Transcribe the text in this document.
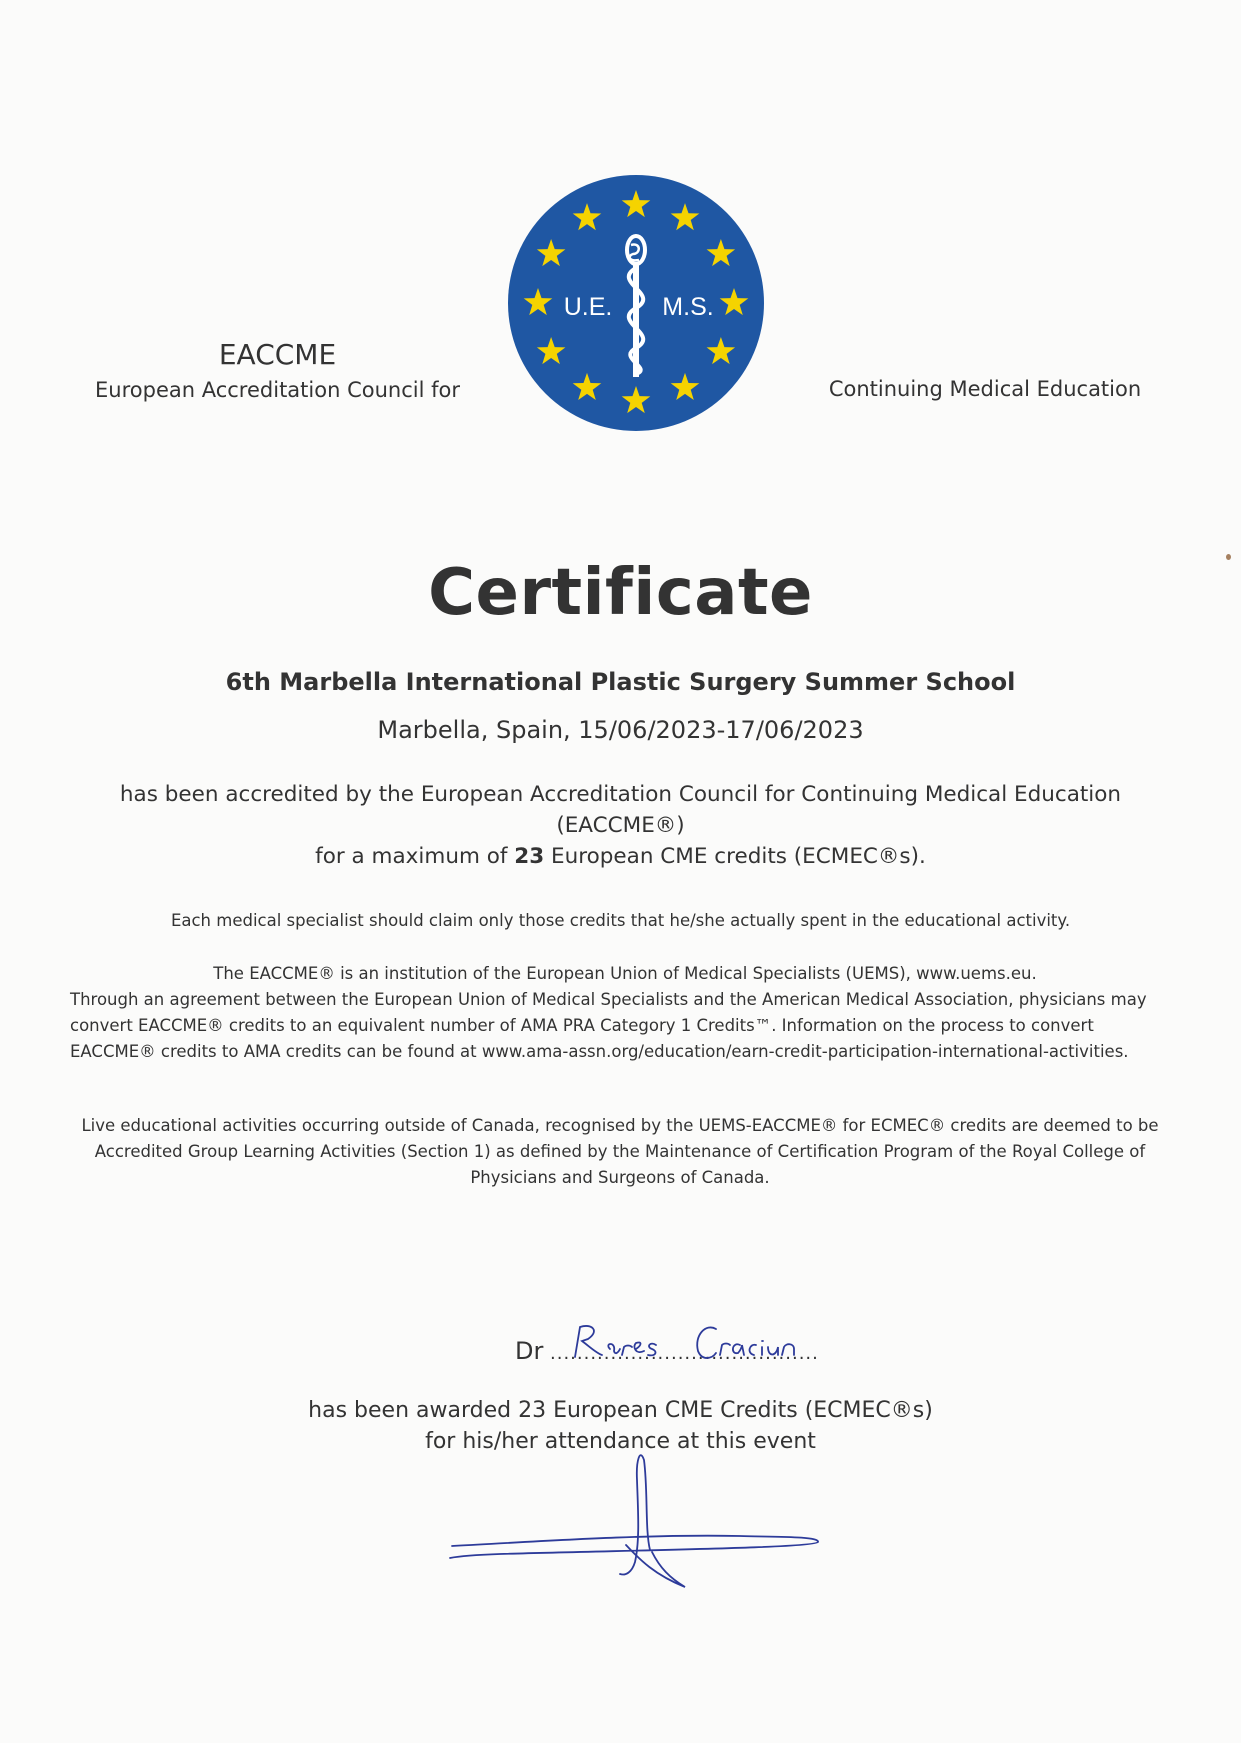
EACCME
European Accreditation Council for
U.E. M.S.
Continuing Medical Education
Certificate
6th Marbella International Plastic Surgery Summer School
Marbella, Spain, 15/06/2023-17/06/2023
has been accredited by the European Accreditation Council for Continuing Medical Education (EACCME®)
for a maximum of 23 European CME credits (ECMEC®s).
Each medical specialist should claim only those credits that he/she actually spent in the educational activity.
The EACCME® is an institution of the European Union of Medical Specialists (UEMS), www.uems.eu.
Through an agreement between the European Union of Medical Specialists and the American Medical Association, physicians may convert EACCME® credits to an equivalent number of AMA PRA Category 1 Credits™. Information on the process to convert EACCME® credits to AMA credits can be found at www.ama-assn.org/education/earn-credit-participation-international-activities.
Live educational activities occurring outside of Canada, recognised by the UEMS-EACCME® for ECMEC® credits are deemed to be Accredited Group Learning Activities (Section 1) as defined by the Maintenance of Certification Program of the Royal College of Physicians and Surgeons of Canada.
Dr ........................................
has been awarded 23 European CME Credits (ECMEC®s)
for his/her attendance at this event
